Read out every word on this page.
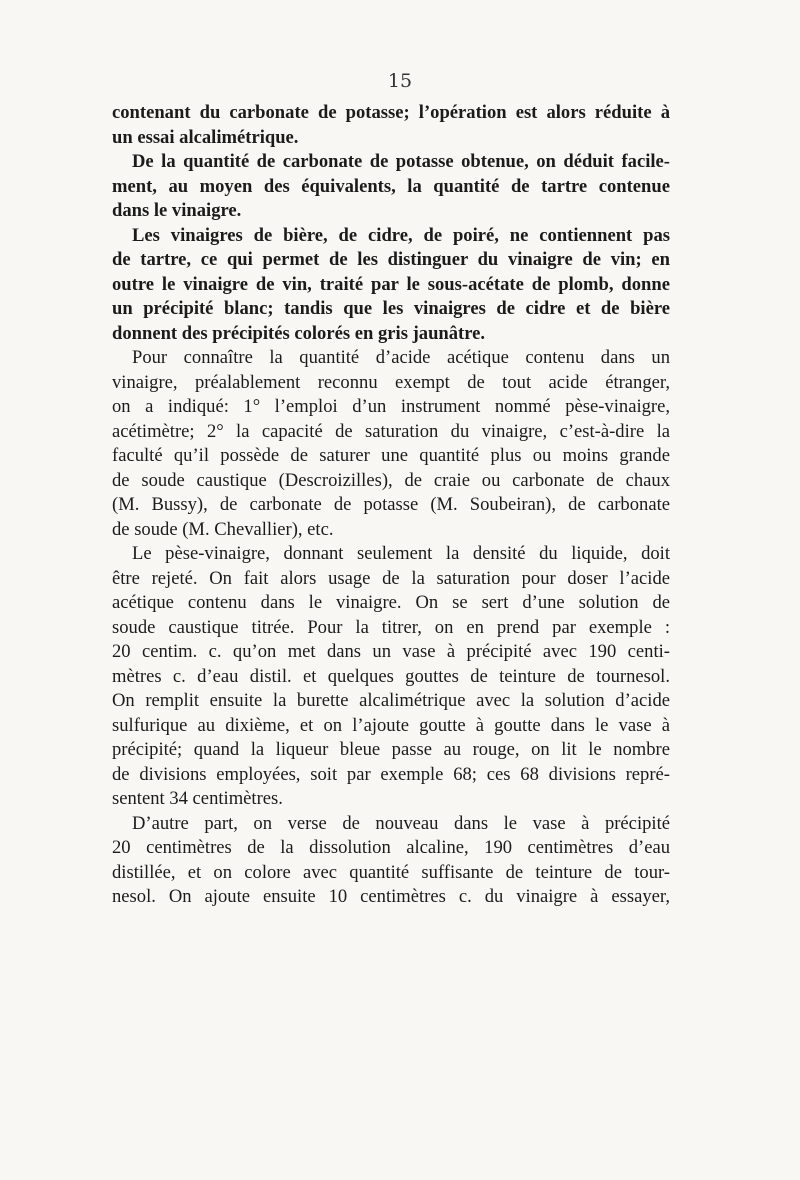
15
contenant du carbonate de potasse; l’opération est alors réduite à
un essai alcalimétrique.
De la quantité de carbonate de potasse obtenue, on déduit facile-
ment, au moyen des équivalents, la quantité de tartre contenue
dans le vinaigre.
Les vinaigres de bière, de cidre, de poiré, ne contiennent pas
de tartre, ce qui permet de les distinguer du vinaigre de vin; en
outre le vinaigre de vin, traité par le sous-acétate de plomb, donne
un précipité blanc; tandis que les vinaigres de cidre et de bière
donnent des précipités colorés en gris jaunâtre.
Pour connaître la quantité d’acide acétique contenu dans un
vinaigre, préalablement reconnu exempt de tout acide étranger,
on a indiqué: 1° l’emploi d’un instrument nommé pèse-vinaigre,
acétimètre; 2° la capacité de saturation du vinaigre, c’est-à-dire la
faculté qu’il possède de saturer une quantité plus ou moins grande
de soude caustique (Descroizilles), de craie ou carbonate de chaux
(M. Bussy), de carbonate de potasse (M. Soubeiran), de carbonate
de soude (M. Chevallier), etc.
Le pèse-vinaigre, donnant seulement la densité du liquide, doit
être rejeté. On fait alors usage de la saturation pour doser l’acide
acétique contenu dans le vinaigre. On se sert d’une solution de
soude caustique titrée. Pour la titrer, on en prend par exemple :
20 centim. c. qu’on met dans un vase à précipité avec 190 centi-
mètres c. d’eau distil. et quelques gouttes de teinture de tournesol.
On remplit ensuite la burette alcalimétrique avec la solution d’acide
sulfurique au dixième, et on l’ajoute goutte à goutte dans le vase à
précipité; quand la liqueur bleue passe au rouge, on lit le nombre
de divisions employées, soit par exemple 68; ces 68 divisions repré-
sentent 34 centimètres.
D’autre part, on verse de nouveau dans le vase à précipité
20 centimètres de la dissolution alcaline, 190 centimètres d’eau
distillée, et on colore avec quantité suffisante de teinture de tour-
nesol. On ajoute ensuite 10 centimètres c. du vinaigre à essayer,
